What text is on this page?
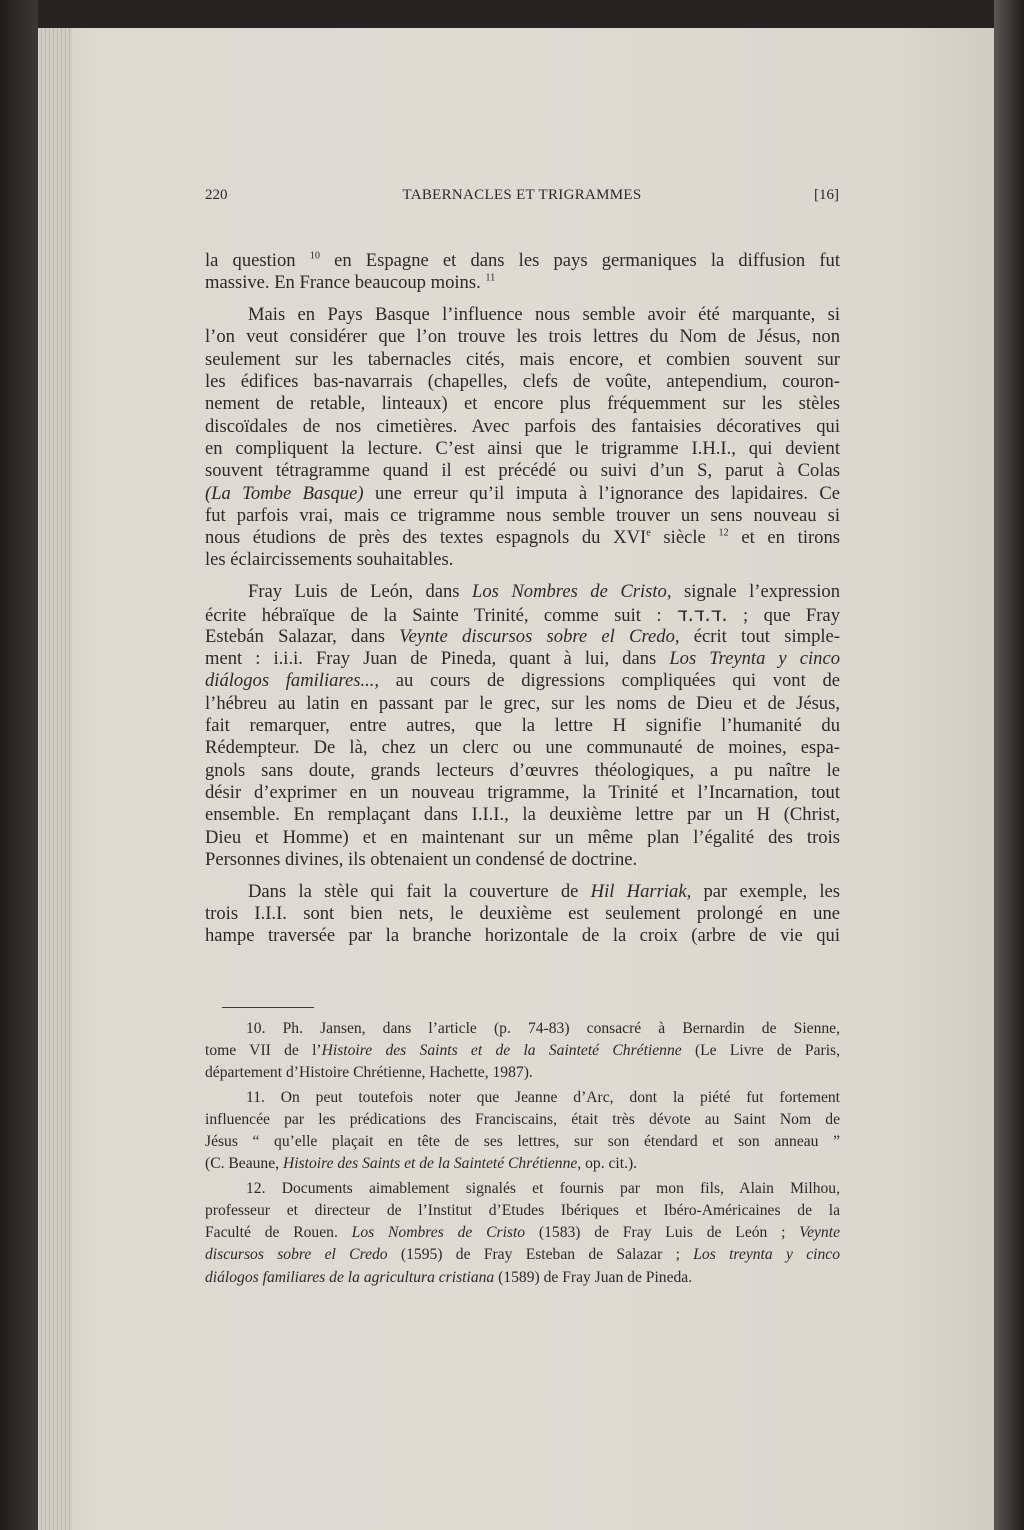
220	TABERNACLES ET TRIGRAMMES	[16]
la question $^{10}$ en Espagne et dans les pays germaniques la diffusion fut
massive. En France beaucoup moins. $^{11}$
Mais en Pays Basque l’influence nous semble avoir été marquante, si
l’on veut considérer que l’on trouve les trois lettres du Nom de Jésus, non
seulement sur les tabernacles cités, mais encore, et combien souvent sur
les édifices bas-navarrais (chapelles, clefs de voûte, antependium, couron-
nement de retable, linteaux) et encore plus fréquemment sur les stèles
discoïdales de nos cimetières. Avec parfois des fantaisies décoratives qui
en compliquent la lecture. C’est ainsi que le trigramme I.H.I., qui devient
souvent tétragramme quand il est précédé ou suivi d’un S, parut à Colas
(La Tombe Basque) une erreur qu’il imputa à l’ignorance des lapidaires. Ce
fut parfois vrai, mais ce trigramme nous semble trouver un sens nouveau si
nous étudions de près des textes espagnols du XVIe siècle $^{12}$ et en tirons
les éclaircissements souhaitables.
Fray Luis de León, dans Los Nombres de Cristo, signale l’expression
écrite hébraïque de la Sainte Trinité, comme suit : ד.ד.ד. ; que Fray
Estebán Salazar, dans Veynte discursos sobre el Credo, écrit tout simple-
ment : i.i.i. Fray Juan de Pineda, quant à lui, dans Los Treynta y cinco
diálogos familiares..., au cours de digressions compliquées qui vont de
l’hébreu au latin en passant par le grec, sur les noms de Dieu et de Jésus,
fait remarquer, entre autres, que la lettre H signifie l’humanité du
Rédempteur. De là, chez un clerc ou une communauté de moines, espa-
gnols sans doute, grands lecteurs d’œuvres théologiques, a pu naître le
désir d’exprimer en un nouveau trigramme, la Trinité et l’Incarnation, tout
ensemble. En remplaçant dans I.I.I., la deuxième lettre par un H (Christ,
Dieu et Homme) et en maintenant sur un même plan l’égalité des trois
Personnes divines, ils obtenaient un condensé de doctrine.
Dans la stèle qui fait la couverture de Hil Harriak, par exemple, les
trois I.I.I. sont bien nets, le deuxième est seulement prolongé en une
hampe traversée par la branche horizontale de la croix (arbre de vie qui
10. Ph. Jansen, dans l’article (p. 74-83) consacré à Bernardin de Sienne,
tome VII de l’Histoire des Saints et de la Sainteté Chrétienne (Le Livre de Paris,
département d’Histoire Chrétienne, Hachette, 1987).
11. On peut toutefois noter que Jeanne d’Arc, dont la piété fut fortement
influencée par les prédications des Franciscains, était très dévote au Saint Nom de
Jésus “ qu’elle plaçait en tête de ses lettres, sur son étendard et son anneau ”
(C. Beaune, Histoire des Saints et de la Sainteté Chrétienne, op. cit.).
12. Documents aimablement signalés et fournis par mon fils, Alain Milhou,
professeur et directeur de l’Institut d’Etudes Ibériques et Ibéro-Américaines de la
Faculté de Rouen. Los Nombres de Cristo (1583) de Fray Luis de León ; Veynte
discursos sobre el Credo (1595) de Fray Esteban de Salazar ; Los treynta y cinco
diálogos familiares de la agricultura cristiana (1589) de Fray Juan de Pineda.
